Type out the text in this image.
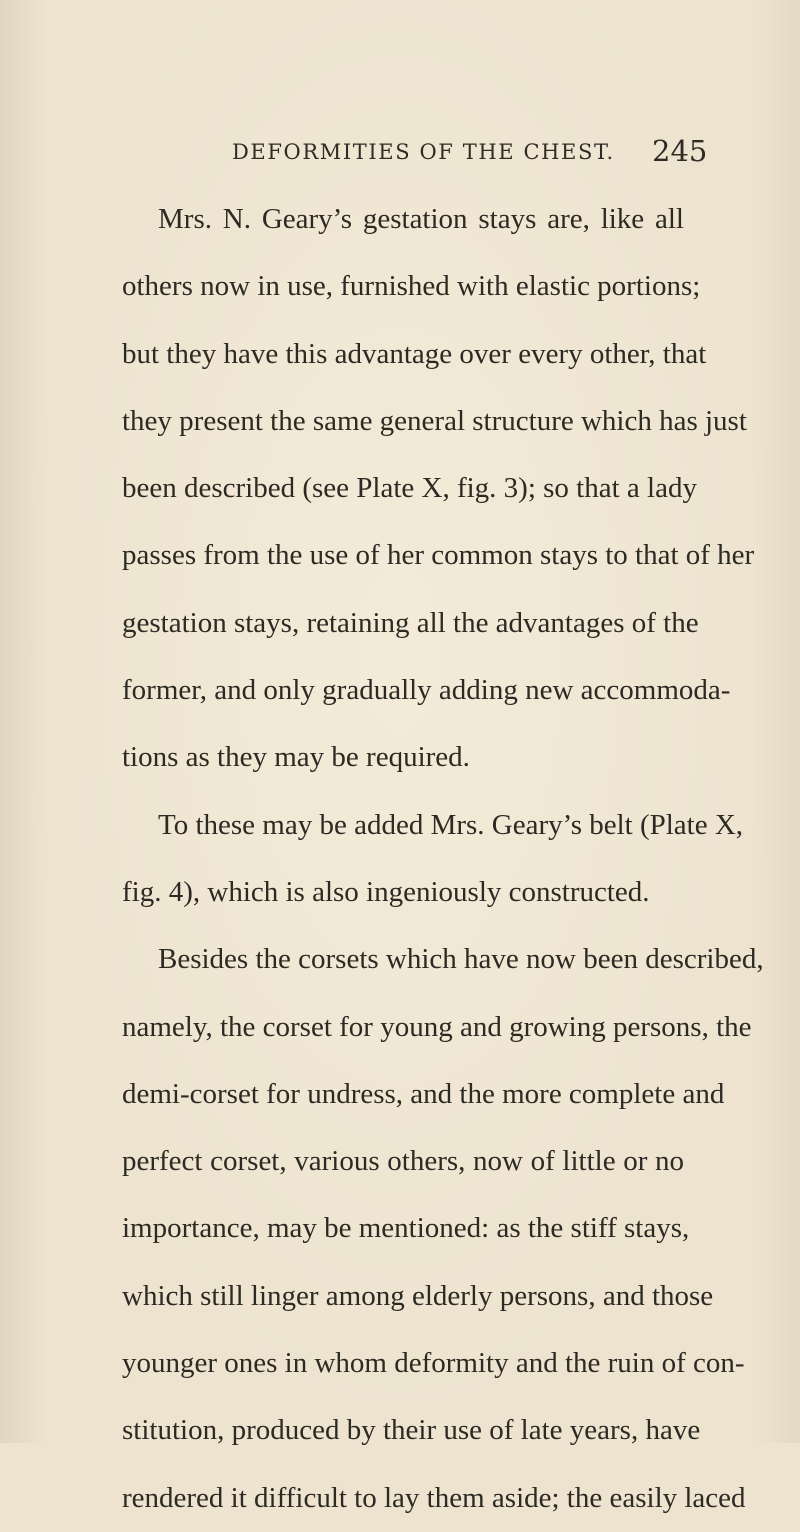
DEFORMITIES OF THE CHEST. 245
Mrs. N. Geary’s gestation stays are, like all
others now in use, furnished with elastic portions;
but they have this advantage over every other, that
they present the same general structure which has just
been described (see Plate X, fig. 3); so that a lady
passes from the use of her common stays to that of her
gestation stays, retaining all the advantages of the
former, and only gradually adding new accommoda-
tions as they may be required.
To these may be added Mrs. Geary’s belt (Plate X,
fig. 4), which is also ingeniously constructed.
Besides the corsets which have now been described,
namely, the corset for young and growing persons, the
demi-corset for undress, and the more complete and
perfect corset, various others, now of little or no
importance, may be mentioned: as the stiff stays,
which still linger among elderly persons, and those
younger ones in whom deformity and the ruin of con-
stitution, produced by their use of late years, have
rendered it difficult to lay them aside; the easily laced
